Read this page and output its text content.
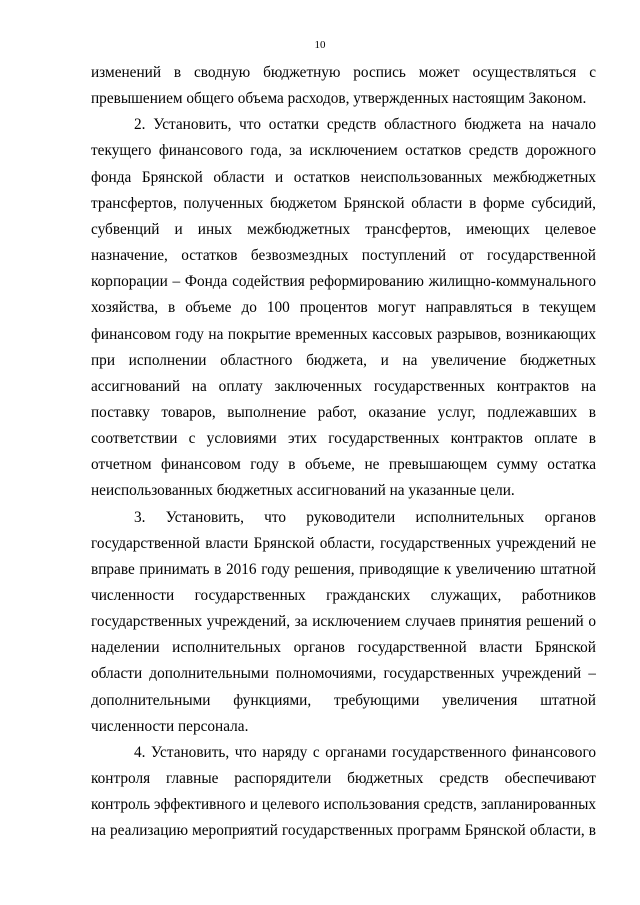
10
изменений в сводную бюджетную роспись может осуществляться с
превышением общего объема расходов, утвержденных настоящим Законом.
2. Установить, что остатки средств областного бюджета на начало
текущего финансового года, за исключением остатков средств дорожного
фонда Брянской области и остатков неиспользованных межбюджетных
трансфертов, полученных бюджетом Брянской области в форме субсидий,
субвенций и иных межбюджетных трансфертов, имеющих целевое
назначение, остатков безвозмездных поступлений от государственной
корпорации – Фонда содействия реформированию жилищно-коммунального
хозяйства, в объеме до 100 процентов могут направляться в текущем
финансовом году на покрытие временных кассовых разрывов, возникающих
при исполнении областного бюджета, и на увеличение бюджетных
ассигнований на оплату заключенных государственных контрактов на
поставку товаров, выполнение работ, оказание услуг, подлежавших в
соответствии с условиями этих государственных контрактов оплате в
отчетном финансовом году в объеме, не превышающем сумму остатка
неиспользованных бюджетных ассигнований на указанные цели.
3. Установить, что руководители исполнительных органов
государственной власти Брянской области, государственных учреждений не
вправе принимать в 2016 году решения, приводящие к увеличению штатной
численности государственных гражданских служащих, работников
государственных учреждений, за исключением случаев принятия решений о
наделении исполнительных органов государственной власти Брянской
области дополнительными полномочиями, государственных учреждений –
дополнительными функциями, требующими увеличения штатной
численности персонала.
4. Установить, что наряду с органами государственного финансового
контроля главные распорядители бюджетных средств обеспечивают
контроль эффективного и целевого использования средств, запланированных
на реализацию мероприятий государственных программ Брянской области, в
